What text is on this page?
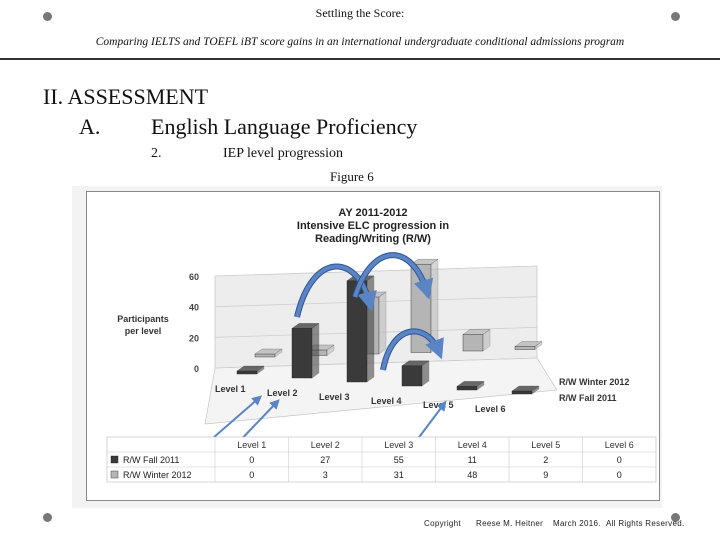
Settling the Score:
Comparing IELTS and TOEFL iBT score gains in an international undergraduate conditional admissions program
II. ASSESSMENT
A. English Language Proficiency
2.	IEP level progression
Figure 6
AY 2011-2012
Intensive ELC progression in
Reading/Writing (R/W)
Participants
per level
0
20
40
60
Level 1 Level 2 Level 3 Level 4 Level 5 Level 6
R/W Winter 2012
R/W Fall 2011
Level 1	Level 2	Level 3	Level 4	Level 5	Level 6
R/W Fall 2011	0	27	55	11	2	0
R/W Winter 2012	0	3	31	48	9	0
Copyright Reese M. Heitner March 2016. All Rights Reserved.
